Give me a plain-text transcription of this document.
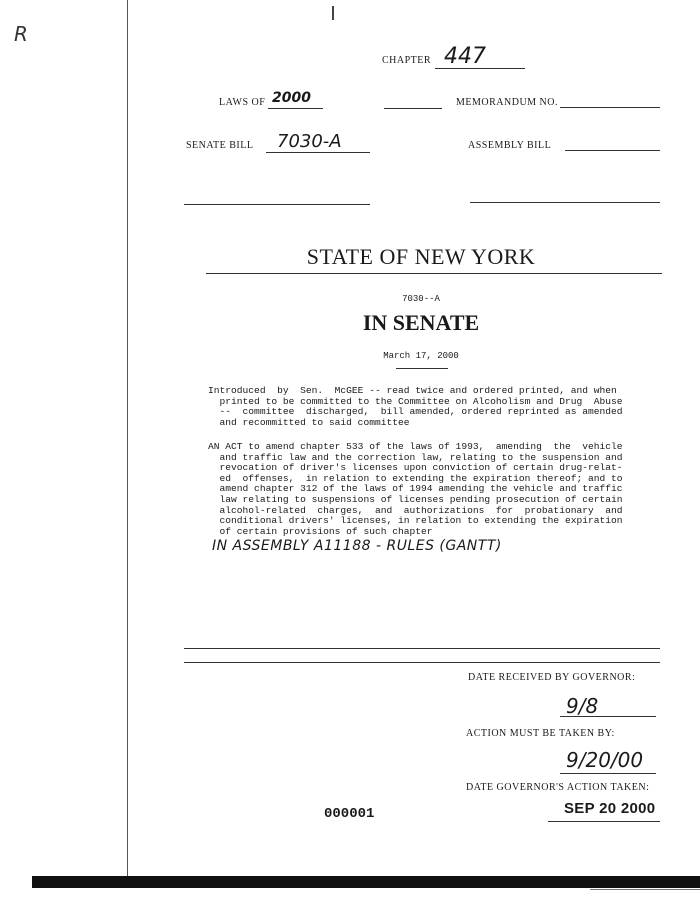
R
CHAPTER 447
LAWS OF 2000	MEMORANDUM NO.
SENATE BILL 7030-A	ASSEMBLY BILL
STATE OF NEW YORK
7030--A
IN SENATE
March 17, 2000
Introduced  by  Sen.  McGEE -- read twice and ordered printed, and when
printed to be committed to the Committee on Alcoholism and Drug  Abuse
--  committee  discharged,  bill amended, ordered reprinted as amended
and recommitted to said committee
AN ACT to amend chapter 533 of the laws of 1993,  amending  the  vehicle
and traffic law and the correction law, relating to the suspension and
revocation of driver's licenses upon conviction of certain drug-relat-
ed  offenses,  in relation to extending the expiration thereof; and to
amend chapter 312 of the laws of 1994 amending the vehicle and traffic
law relating to suspensions of licenses pending prosecution of certain
alcohol-related  charges,  and  authorizations  for  probationary  and
conditional drivers' licenses, in relation to extending the expiration
of certain provisions of such chapter
IN ASSEMBLY A11188 - RULES (GANTT)
DATE RECEIVED BY GOVERNOR:
9/8
ACTION MUST BE TAKEN BY:
9/20/00
DATE GOVERNOR'S ACTION TAKEN:
SEP 20 2000
000001
